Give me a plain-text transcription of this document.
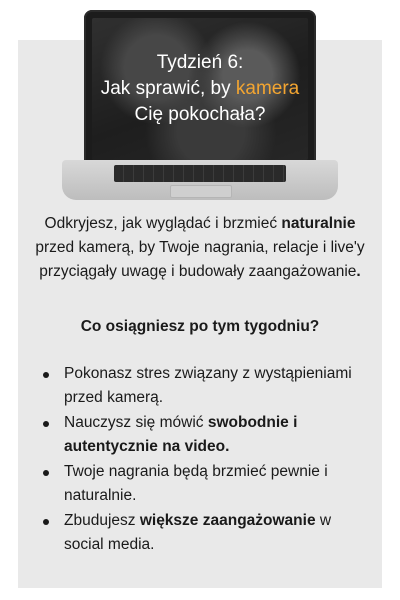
Tydzień 6:
Jak sprawić, by kamera
Cię pokochała?

Odkryjesz, jak wyglądać i brzmieć naturalnie przed kamerą, by Twoje nagrania, relacje i live'y przyciągały uwagę i budowały zaangażowanie.

Co osiągniesz po tym tygodniu?

Pokonasz stres związany z wystąpieniami przed kamerą.
Nauczysz się mówić swobodnie i autentycznie na video.
Twoje nagrania będą brzmieć pewnie i naturalnie.
Zbudujesz większe zaangażowanie w social media.
